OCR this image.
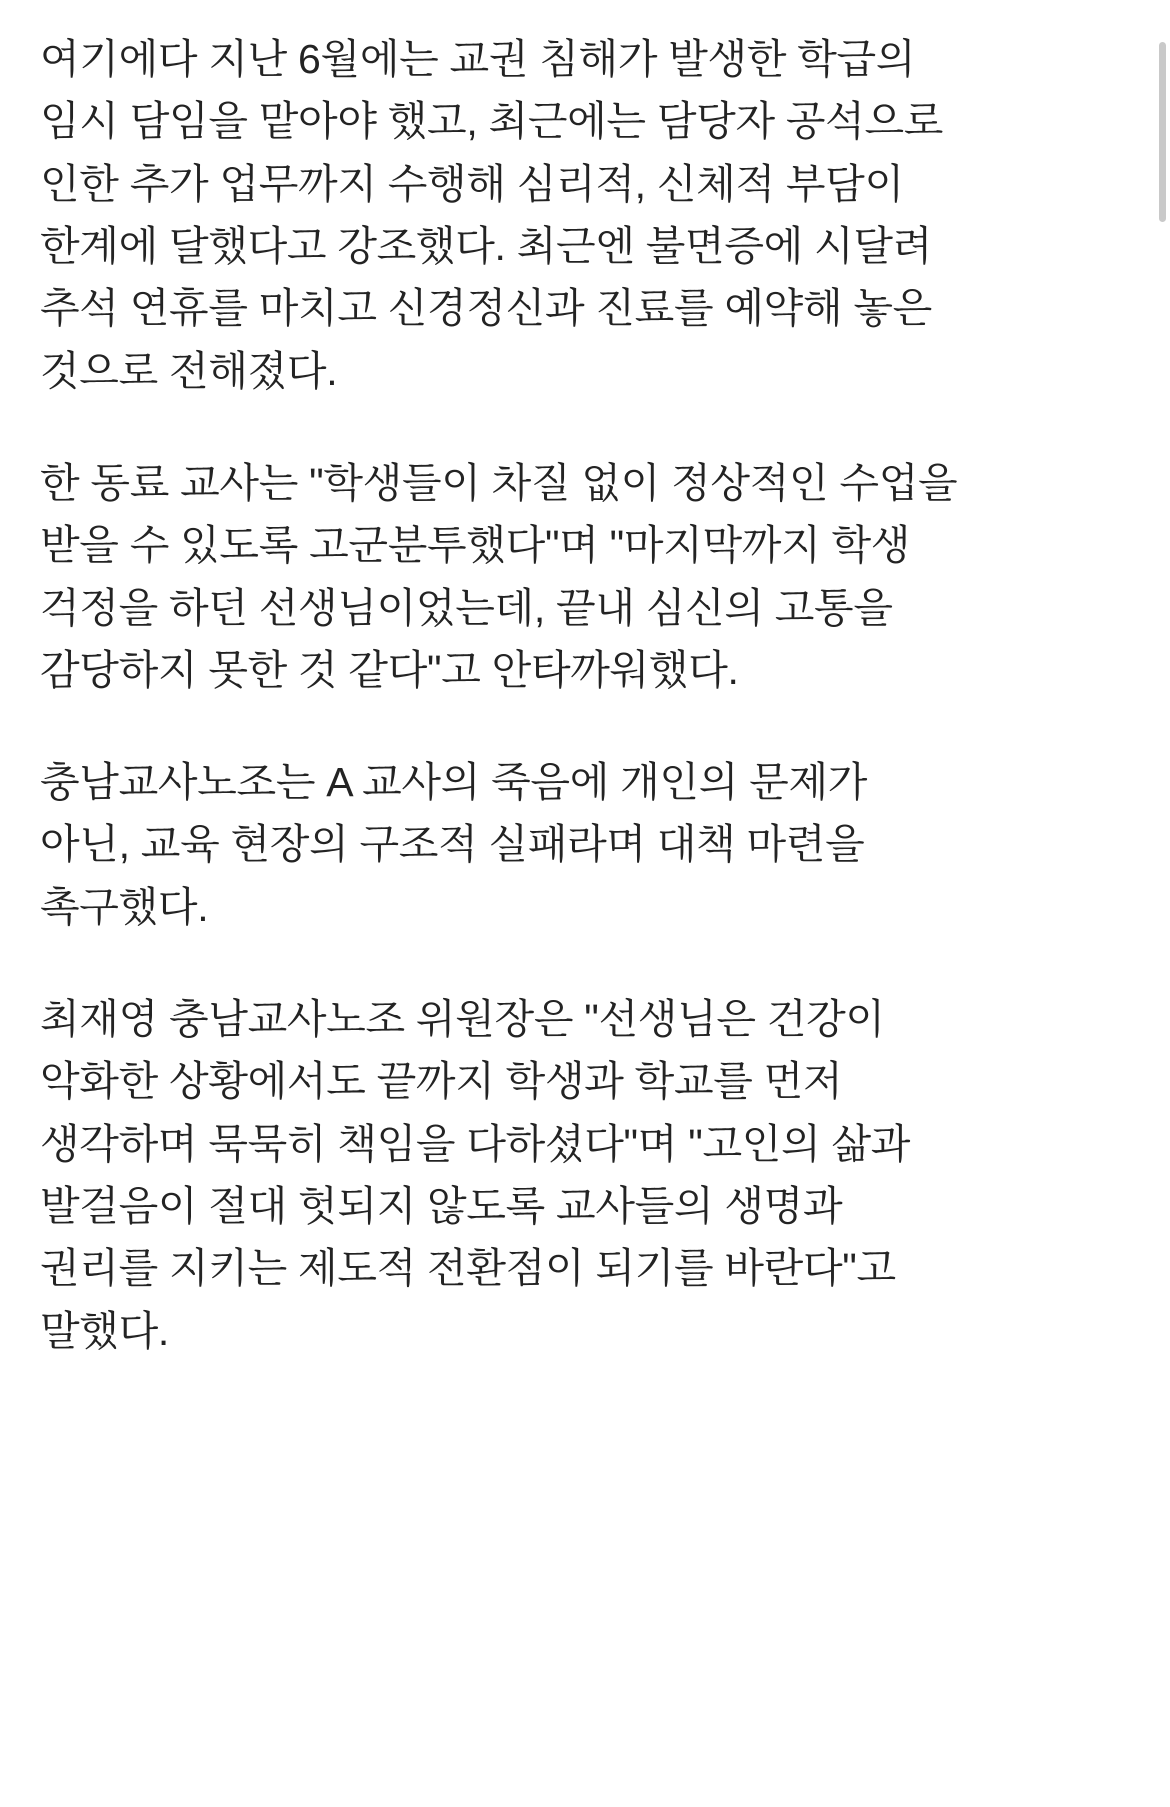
여기에다 지난 6월에는 교권 침해가 발생한 학급의 임시 담임을 맡아야 했고, 최근에는 담당자 공석으로 인한 추가 업무까지 수행해 심리적, 신체적 부담이 한계에 달했다고 강조했다. 최근엔 불면증에 시달려 추석 연휴를 마치고 신경정신과 진료를 예약해 놓은 것으로 전해졌다.

한 동료 교사는 "학생들이 차질 없이 정상적인 수업을 받을 수 있도록 고군분투했다"며 "마지막까지 학생 걱정을 하던 선생님이었는데, 끝내 심신의 고통을 감당하지 못한 것 같다"고 안타까워했다.

충남교사노조는 A 교사의 죽음에 개인의 문제가 아닌, 교육 현장의 구조적 실패라며 대책 마련을 촉구했다.

최재영 충남교사노조 위원장은 "선생님은 건강이 악화한 상황에서도 끝까지 학생과 학교를 먼저 생각하며 묵묵히 책임을 다하셨다"며 "고인의 삶과 발걸음이 절대 헛되지 않도록 교사들의 생명과 권리를 지키는 제도적 전환점이 되기를 바란다"고 말했다.
